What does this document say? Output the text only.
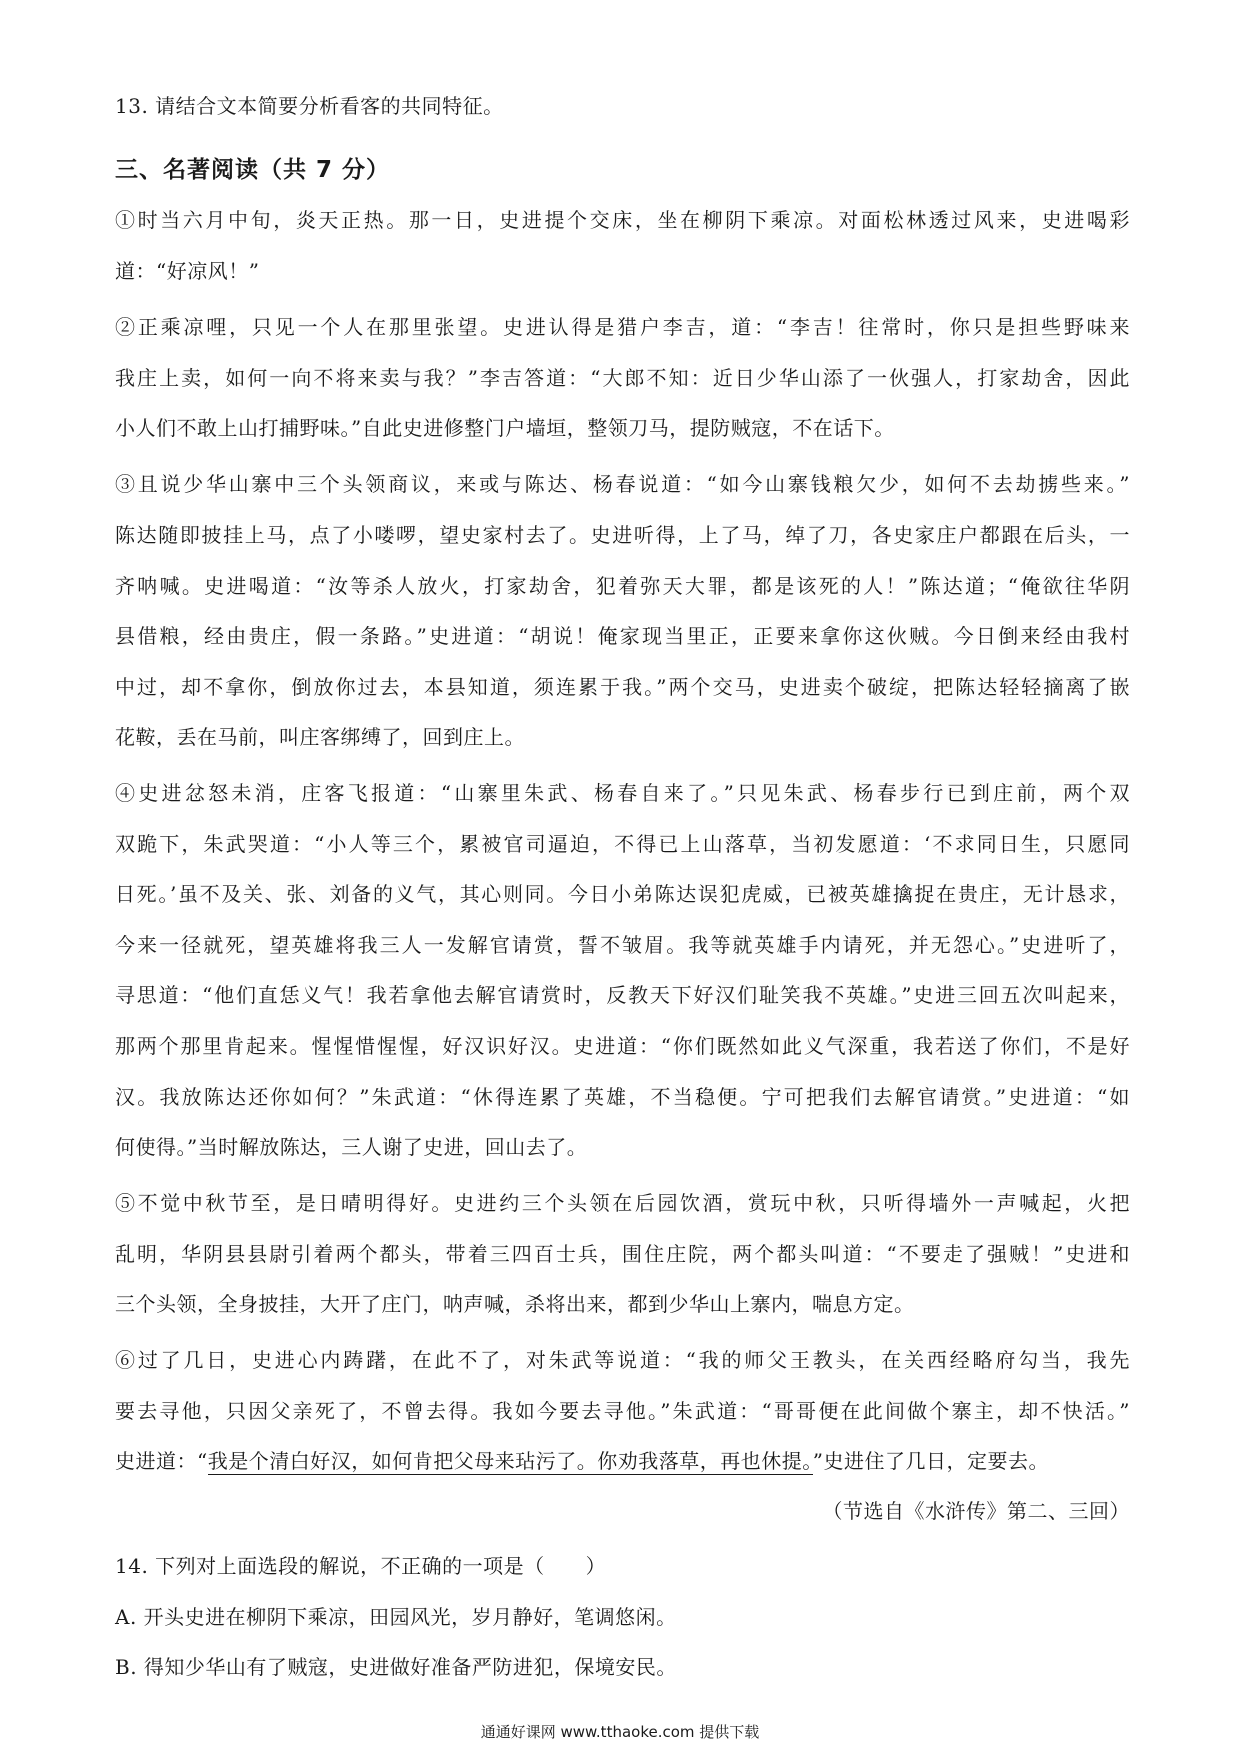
13. 请结合文本简要分析看客的共同特征。
三、名著阅读（共 7 分）
①时当六月中旬，炎天正热。那一日，史进提个交床，坐在柳阴下乘凉。对面松林透过风来，史进喝彩
道：“好凉风！”
②正乘凉哩，只见一个人在那里张望。史进认得是猎户李吉，道：“李吉！往常时，你只是担些野味来
我庄上卖，如何一向不将来卖与我？”李吉答道：“大郎不知：近日少华山添了一伙强人，打家劫舍，因此
小人们不敢上山打捕野味。”自此史进修整门户墙垣，整领刀马，提防贼寇，不在话下。
③且说少华山寨中三个头领商议，来或与陈达、杨春说道：“如今山寨钱粮欠少，如何不去劫掳些来。”
陈达随即披挂上马，点了小喽啰，望史家村去了。史进听得，上了马，绰了刀，各史家庄户都跟在后头，一
齐呐喊。史进喝道：“汝等杀人放火，打家劫舍，犯着弥天大罪，都是该死的人！”陈达道；“俺欲往华阴
县借粮，经由贵庄，假一条路。”史进道：“胡说！俺家现当里正，正要来拿你这伙贼。今日倒来经由我村
中过，却不拿你，倒放你过去，本县知道，须连累于我。”两个交马，史进卖个破绽，把陈达轻轻摘离了嵌
花鞍，丢在马前，叫庄客绑缚了，回到庄上。
④史进忿怒未消，庄客飞报道：“山寨里朱武、杨春自来了。”只见朱武、杨春步行已到庄前，两个双
双跪下，朱武哭道：“小人等三个，累被官司逼迫，不得已上山落草，当初发愿道：‘不求同日生，只愿同
日死。’虽不及关、张、刘备的义气，其心则同。今日小弟陈达误犯虎威，已被英雄擒捉在贵庄，无计恳求，
今来一径就死，望英雄将我三人一发解官请赏，誓不皱眉。我等就英雄手内请死，并无怨心。”史进听了，
寻思道：“他们直恁义气！我若拿他去解官请赏时，反教天下好汉们耻笑我不英雄。”史进三回五次叫起来，
那两个那里肯起来。惺惺惜惺惺，好汉识好汉。史进道：“你们既然如此义气深重，我若送了你们，不是好
汉。我放陈达还你如何？”朱武道：“休得连累了英雄，不当稳便。宁可把我们去解官请赏。”史进道：“如
何使得。”当时解放陈达，三人谢了史进，回山去了。
⑤不觉中秋节至，是日晴明得好。史进约三个头领在后园饮酒，赏玩中秋，只听得墙外一声喊起，火把
乱明，华阴县县尉引着两个都头，带着三四百士兵，围住庄院，两个都头叫道：“不要走了强贼！”史进和
三个头领，全身披挂，大开了庄门，呐声喊，杀将出来，都到少华山上寨内，喘息方定。
⑥过了几日，史进心内踌躇，在此不了，对朱武等说道：“我的师父王教头，在关西经略府勾当，我先
要去寻他，只因父亲死了，不曾去得。我如今要去寻他。”朱武道：“哥哥便在此间做个寨主，却不快活。”
史进道：“我是个清白好汉，如何肯把父母来玷污了。你劝我落草，再也休提。”史进住了几日，定要去。
（节选自《水浒传》第二、三回）
14. 下列对上面选段的解说，不正确的一项是（　　）
A. 开头史进在柳阴下乘凉，田园风光，岁月静好，笔调悠闲。
B. 得知少华山有了贼寇，史进做好准备严防进犯，保境安民。
通通好课网 www.tthaoke.com 提供下载
